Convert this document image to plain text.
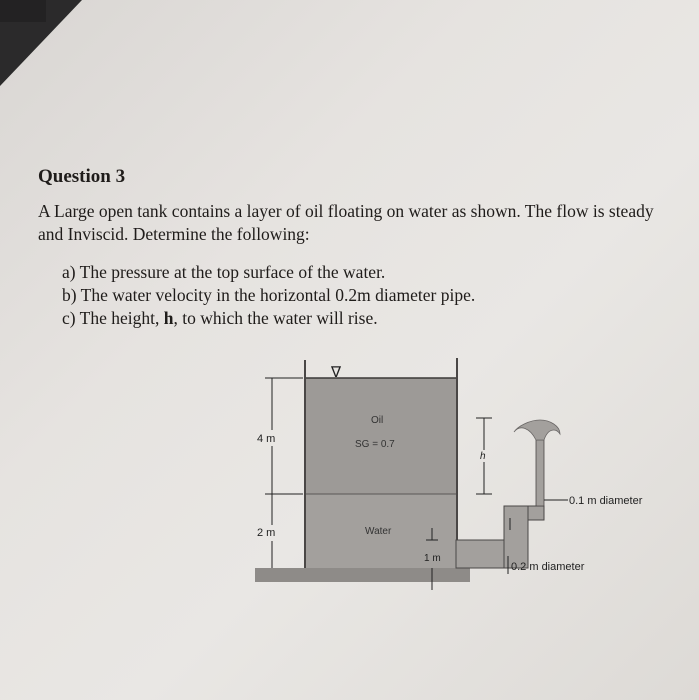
Question 3
A Large open tank contains a layer of oil floating on water as shown. The flow is steady and Inviscid. Determine the following:
a) The pressure at the top surface of the water.
b) The water velocity in the horizontal 0.2m diameter pipe.
c) The height, h, to which the water will rise.
∇
4 m
2 m
h
1 m
0.1 m diameter
0.2 m diameter
Oil
SG = 0.7
Water
